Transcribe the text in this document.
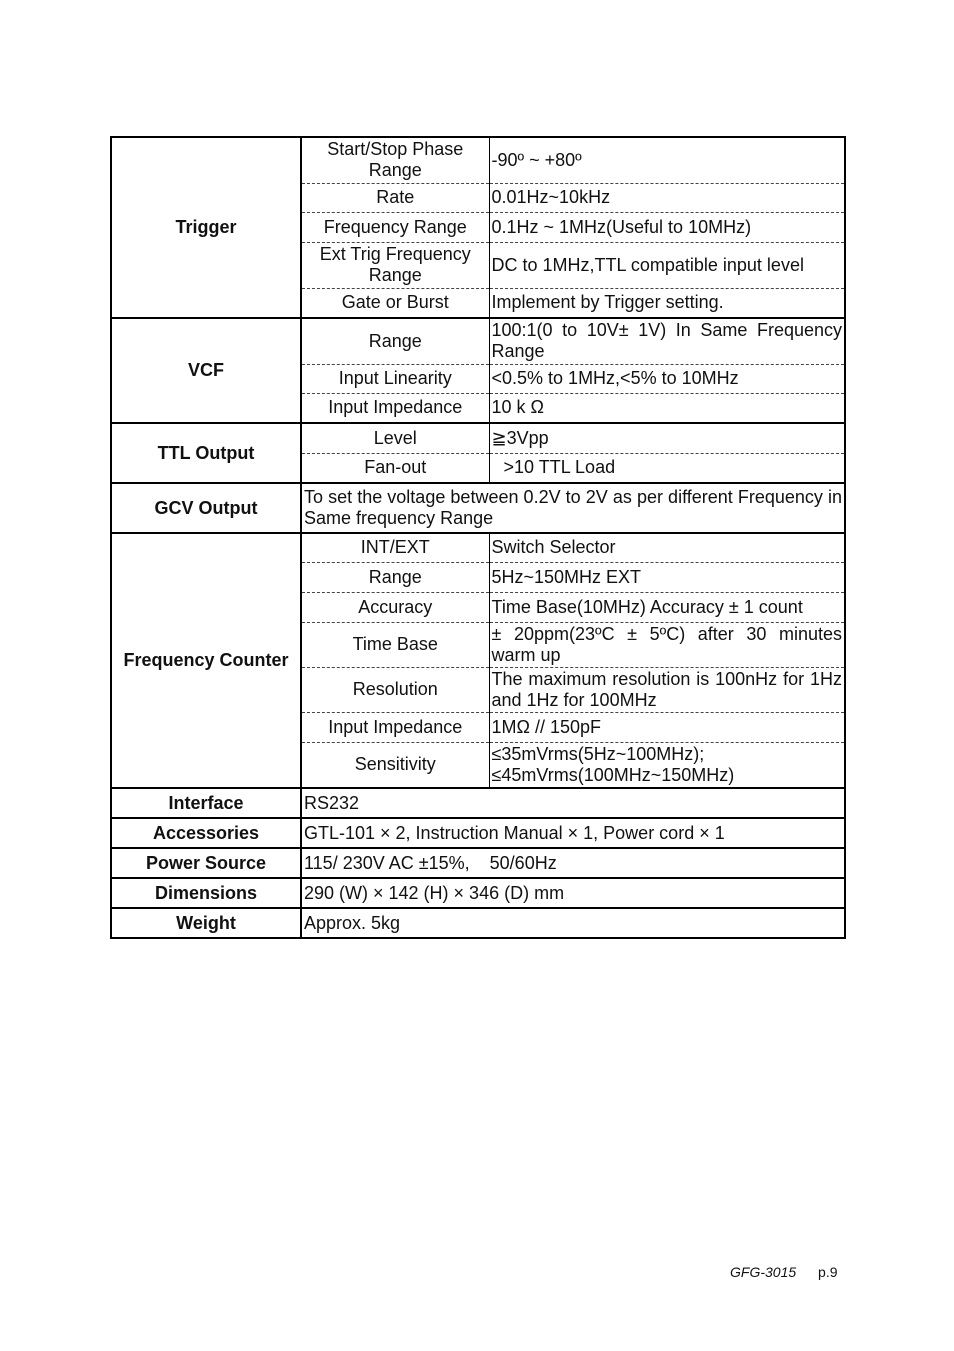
Trigger	Start/Stop Phase Range	-90º ~ +80º
	Rate	0.01Hz~10kHz
	Frequency Range	0.1Hz ~ 1MHz(Useful to 10MHz)
	Ext Trig Frequency Range	DC to 1MHz,TTL compatible input level
	Gate or Burst	Implement by Trigger setting.
VCF	Range	100:1(0 to 10V± 1V) In Same Frequency Range
	Input Linearity	<0.5% to 1MHz,<5% to 10MHz
	Input Impedance	10 k Ω
TTL Output	Level	≧3Vpp
	Fan-out	>10 TTL Load
GCV Output	To set the voltage between 0.2V to 2V as per different Frequency in Same frequency Range	
Frequency Counter	INT/EXT	Switch Selector
	Range	5Hz~150MHz EXT
	Accuracy	Time Base(10MHz) Accuracy ± 1 count
	Time Base	± 20ppm(23ºC ± 5ºC) after 30 minutes warm up
	Resolution	The maximum resolution is 100nHz for 1Hz and 1Hz for 100MHz
	Input Impedance	1MΩ // 150pF
	Sensitivity	≤35mVrms(5Hz~100MHz);
≤45mVrms(100MHz~150MHz)

Interface	RS232	
Accessories	GTL-101 × 2, Instruction Manual × 1, Power cord × 1	
Power Source	115/ 230V AC ±15%,    50/60Hz	
Dimensions	290 (W) × 142 (H) × 346 (D) mm	
Weight	Approx. 5kg	
GFG-3015 p.9
